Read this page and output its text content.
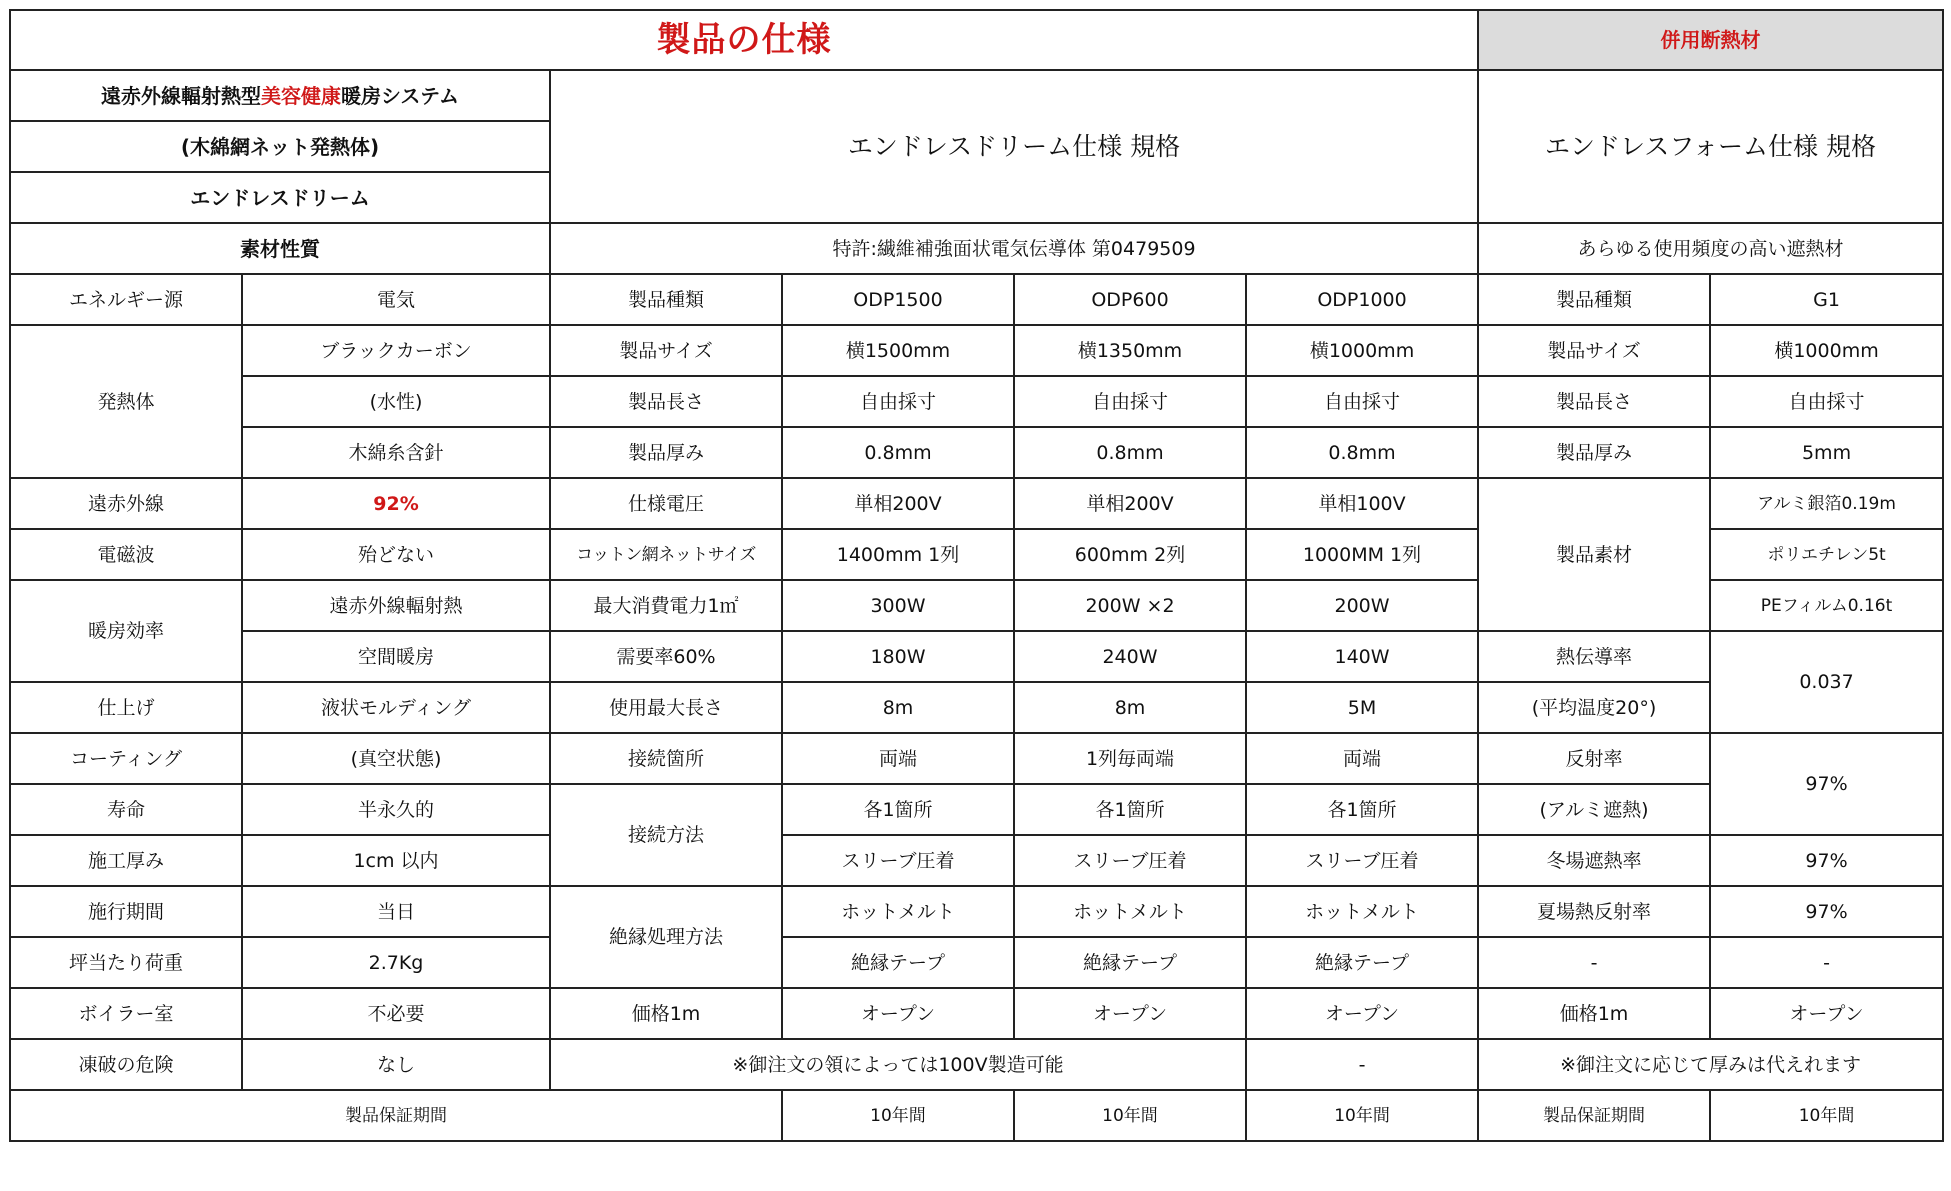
製品の仕様						併用断熱材	
遠赤外線輻射熱型美容健康暖房システム		エンドレスドリーム仕様 規格				エンドレスフォーム仕様 規格	
(木綿網ネット発熱体)							
エンドレスドリーム							
素材性質		特許:繊維補強面状電気伝導体 第0479509				あらゆる使用頻度の高い遮熱材	
エネルギー源	電気	製品種類	ODP1500	ODP600	ODP1000	製品種類	G1
発熱体	ブラックカーボン	製品サイズ	横1500mm	横1350mm	横1000mm	製品サイズ	横1000mm
	(水性)	製品長さ	自由採寸	自由採寸	自由採寸	製品長さ	自由採寸
	木綿糸含針	製品厚み	0.8mm	0.8mm	0.8mm	製品厚み	5mm
遠赤外線	92%	仕様電圧	単相200V	単相200V	単相100V	製品素材	アルミ銀箔0.19m
電磁波	殆どない	コットン網ネットサイズ	1400mm 1列	600mm 2列	1000MM 1列		ポリエチレン5t
暖房効率	遠赤外線輻射熱	最大消費電力1㎡	300W	200W ×2	200W		PEフィルム0.16t
	空間暖房	需要率60%	180W	240W	140W	熱伝導率	0.037
仕上げ	液状モルディング	使用最大長さ	8m	8m	5M	(平均温度20°)	
コーティング	(真空状態)	接続箇所	両端	1列毎両端	両端	反射率	97%
寿命	半永久的	接続方法	各1箇所	各1箇所	各1箇所	(アルミ遮熱)	
施工厚み	1cm 以内		スリーブ圧着	スリーブ圧着	スリーブ圧着	冬場遮熱率	97%
施行期間	当日	絶縁処理方法	ホットメルト	ホットメルト	ホットメルト	夏場熱反射率	97%
坪当たり荷重	2.7Kg		絶縁テープ	絶縁テープ	絶縁テープ	-	-
ボイラー室	不必要	価格1m	オープン	オープン	オープン	価格1m	オープン
凍破の危険	なし	※御注文の領によっては100V製造可能			-	※御注文に応じて厚みは代えれます	
製品保証期間			10年間	10年間	10年間	製品保証期間	10年間
